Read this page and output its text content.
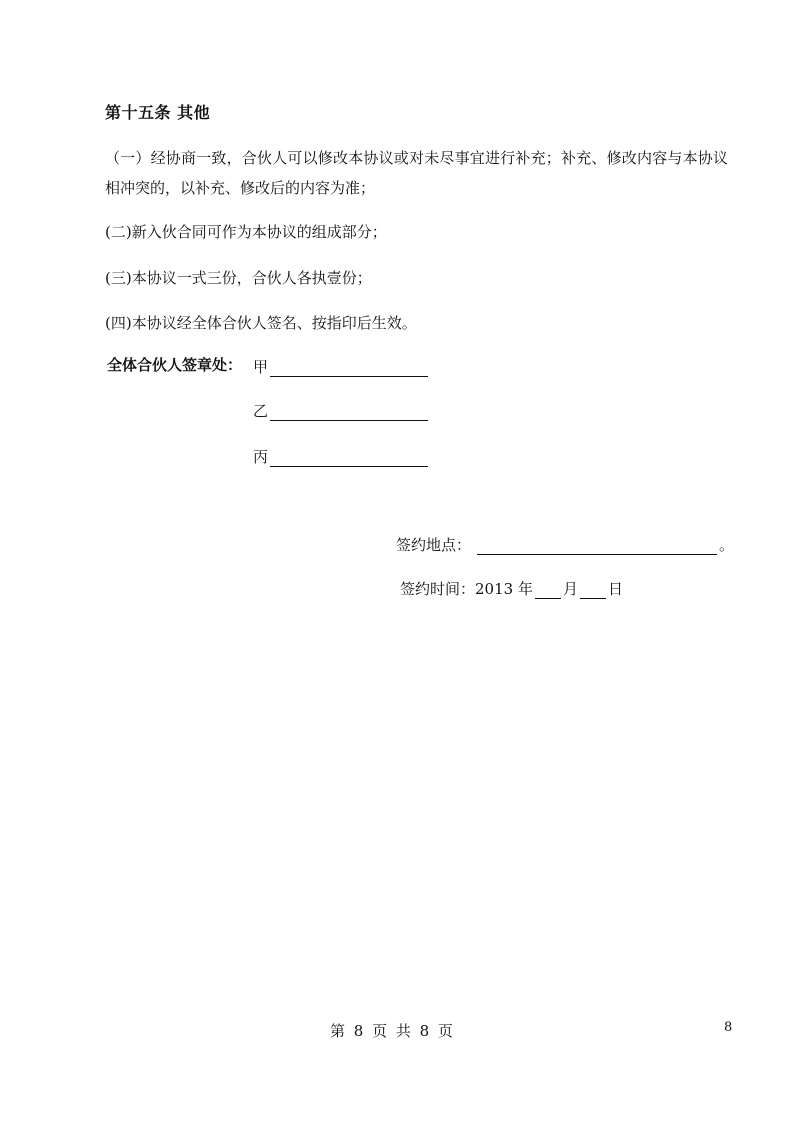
第十五条 其他
（一）经协商一致，合伙人可以修改本协议或对未尽事宜进行补充；补充、修改内容与本协议
相冲突的，以补充、修改后的内容为准；
(二)新入伙合同可作为本协议的组成部分；
(三)本协议一式三份，合伙人各执壹份；
(四)本协议经全体合伙人签名、按指印后生效。
全体合伙人签章处： 甲
乙
丙
签约地点：	。
签约时间：2013 年 月 日
第 8 页 共 8 页	8
